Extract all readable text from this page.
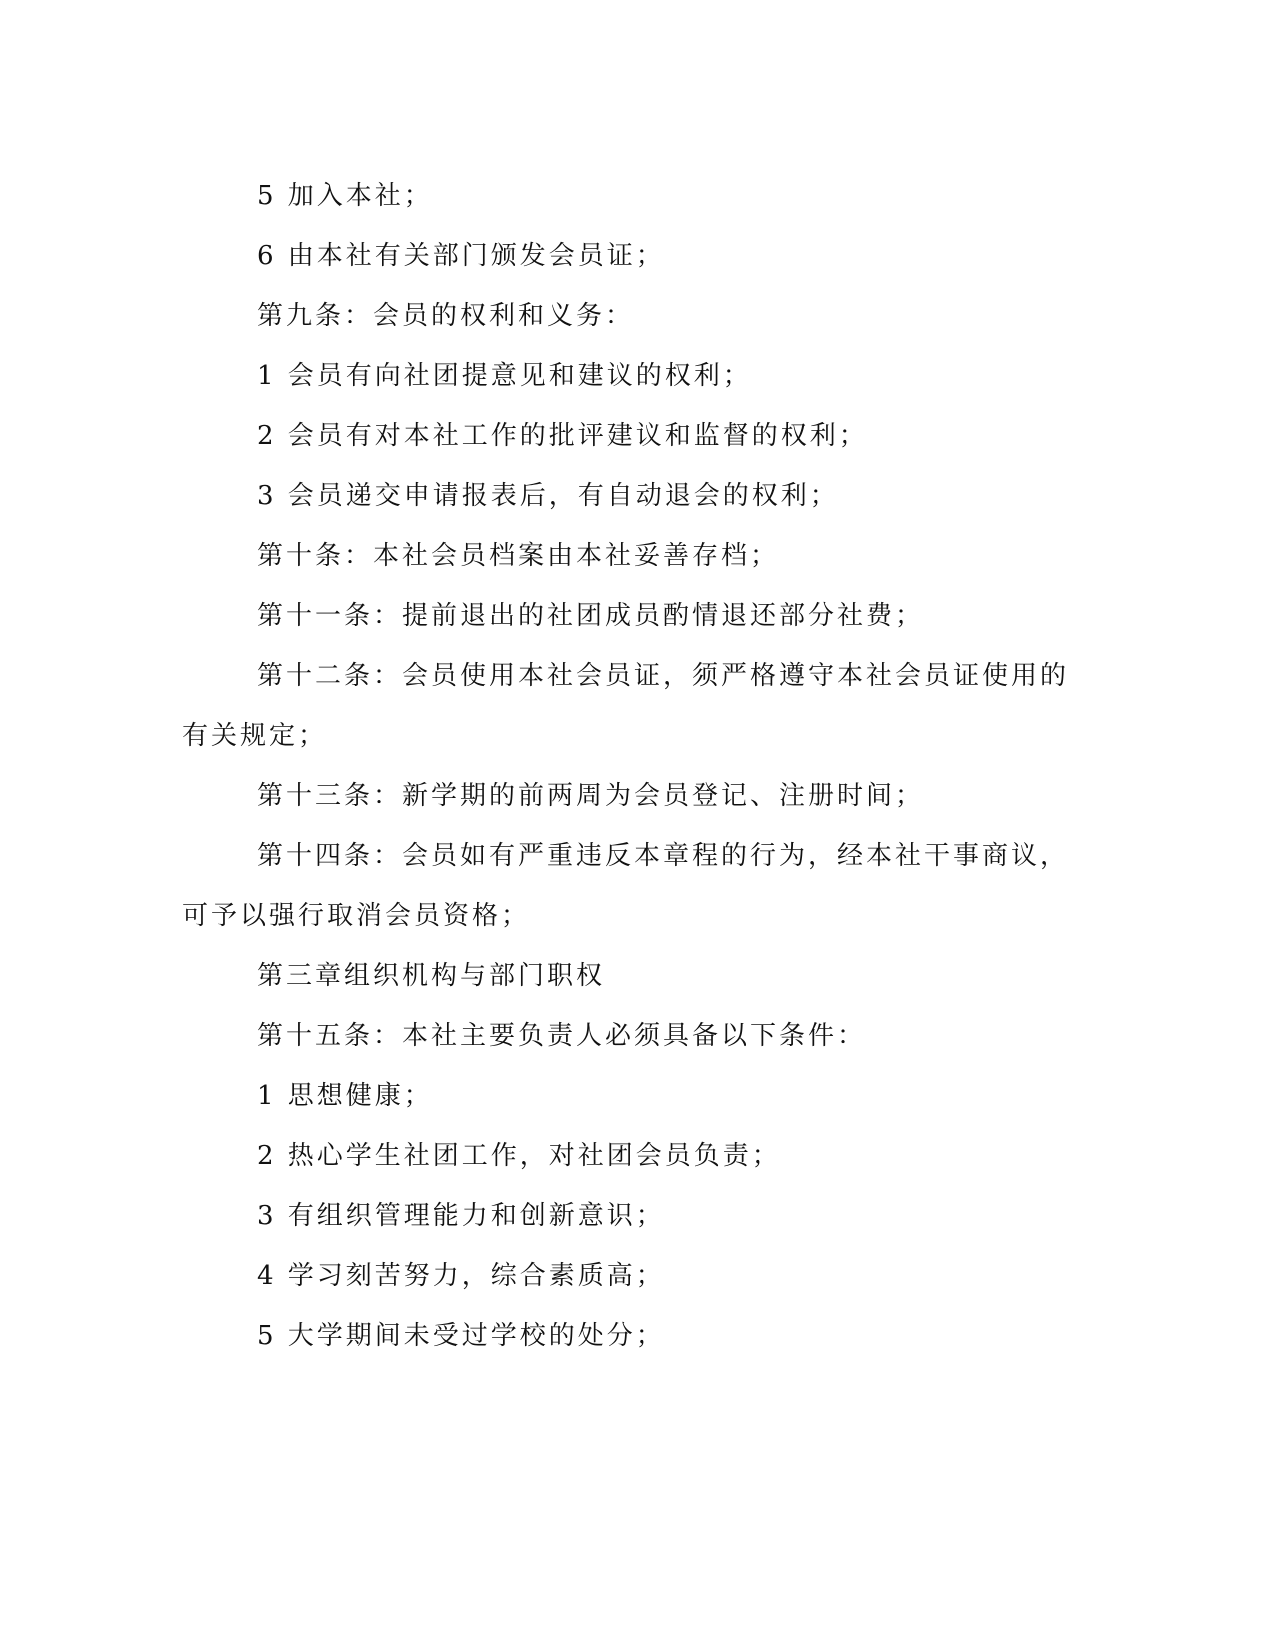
5 加入本社；

6 由本社有关部门颁发会员证；

第九条：会员的权利和义务：

1 会员有向社团提意见和建议的权利；

2 会员有对本社工作的批评建议和监督的权利；

3 会员递交申请报表后，有自动退会的权利；

第十条：本社会员档案由本社妥善存档；

第十一条：提前退出的社团成员酌情退还部分社费；

第十二条：会员使用本社会员证，须严格遵守本社会员证使用的有关规定；

第十三条：新学期的前两周为会员登记、注册时间；

第十四条：会员如有严重违反本章程的行为，经本社干事商议，可予以强行取消会员资格；

第三章组织机构与部门职权

第十五条：本社主要负责人必须具备以下条件：

1 思想健康；

2 热心学生社团工作，对社团会员负责；

3 有组织管理能力和创新意识；

4 学习刻苦努力，综合素质高；

5 大学期间未受过学校的处分；
